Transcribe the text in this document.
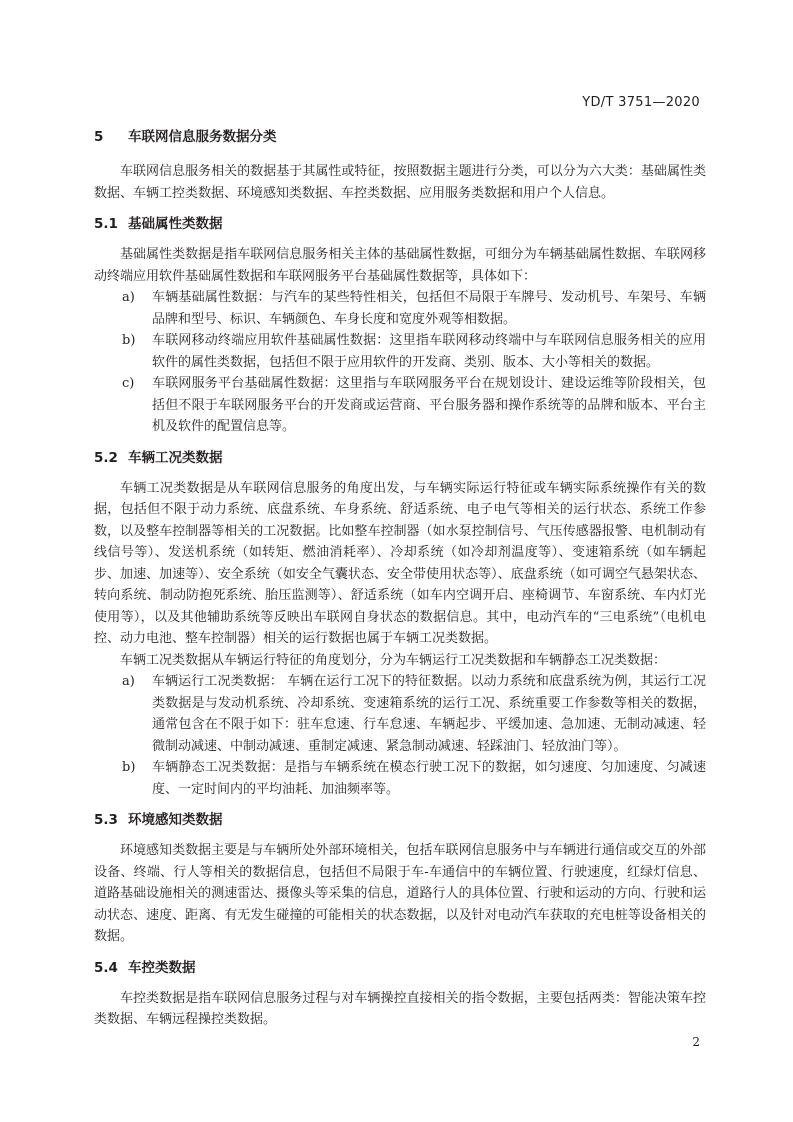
YD/T 3751—2020
5 车联网信息服务数据分类

车联网信息服务相关的数据基于其属性或特征，按照数据主题进行分类，可以分为六大类：基础属性类数据、车辆工控类数据、环境感知类数据、车控类数据、应用服务类数据和用户个人信息。

5.1 基础属性类数据

基础属性类数据是指车联网信息服务相关主体的基础属性数据，可细分为车辆基础属性数据、车联网移动终端应用软件基础属性数据和车联网服务平台基础属性数据等，具体如下：

a) 车辆基础属性数据：与汽车的某些特性相关，包括但不局限于车牌号、发动机号、车架号、车辆品牌和型号、标识、车辆颜色、车身长度和宽度外观等相数据。
b) 车联网移动终端应用软件基础属性数据：这里指车联网移动终端中与车联网信息服务相关的应用软件的属性类数据，包括但不限于应用软件的开发商、类别、版本、大小等相关的数据。
c) 车联网服务平台基础属性数据：这里指与车联网服务平台在规划设计、建设运维等阶段相关，包括但不限于车联网服务平台的开发商或运营商、平台服务器和操作系统等的品牌和版本、平台主机及软件的配置信息等。
5.2 车辆工况类数据

车辆工况类数据是从车联网信息服务的角度出发，与车辆实际运行特征或车辆实际系统操作有关的数据，包括但不限于动力系统、底盘系统、车身系统、舒适系统、电子电气等相关的运行状态、系统工作参数，以及整车控制器等相关的工况数据。比如整车控制器（如水泵控制信号、气压传感器报警、电机制动有线信号等）、发送机系统（如转矩、燃油消耗率）、冷却系统（如冷却剂温度等）、变速箱系统（如车辆起步、加速、加速等）、安全系统（如安全气囊状态、安全带使用状态等）、底盘系统（如可调空气悬架状态、转向系统、制动防抱死系统、胎压监测等）、舒适系统（如车内空调开启、座椅调节、车窗系统、车内灯光使用等），以及其他辅助系统等反映出车联网自身状态的数据信息。其中，电动汽车的“三电系统”（电机电控、动力电池、整车控制器）相关的运行数据也属于车辆工况类数据。

车辆工况类数据从车辆运行特征的角度划分，分为车辆运行工况类数据和车辆静态工况类数据：

a) 车辆运行工况类数据： 车辆在运行工况下的特征数据。以动力系统和底盘系统为例，其运行工况类数据是与发动机系统、冷却系统、变速箱系统的运行工况、系统重要工作参数等相关的数据，通常包含在不限于如下：驻车怠速、行车怠速、车辆起步、平缓加速、急加速、无制动减速、轻微制动减速、中制动减速、重制定减速、紧急制动减速、轻踩油门、轻放油门等）。
b) 车辆静态工况类数据：是指与车辆系统在模态行驶工况下的数据，如匀速度、匀加速度、匀减速度、一定时间内的平均油耗、加油频率等。
5.3 环境感知类数据

环境感知类数据主要是与车辆所处外部环境相关，包括车联网信息服务中与车辆进行通信或交互的外部设备、终端、行人等相关的数据信息，包括但不局限于车-车通信中的车辆位置、行驶速度，红绿灯信息、道路基础设施相关的测速雷达、摄像头等采集的信息，道路行人的具体位置、行驶和运动的方向、行驶和运动状态、速度、距离、有无发生碰撞的可能相关的状态数据，以及针对电动汽车获取的充电桩等设备相关的数据。

5.4 车控类数据

车控类数据是指车联网信息服务过程与对车辆操控直接相关的指令数据，主要包括两类：智能决策车控类数据、车辆远程操控类数据。

2
